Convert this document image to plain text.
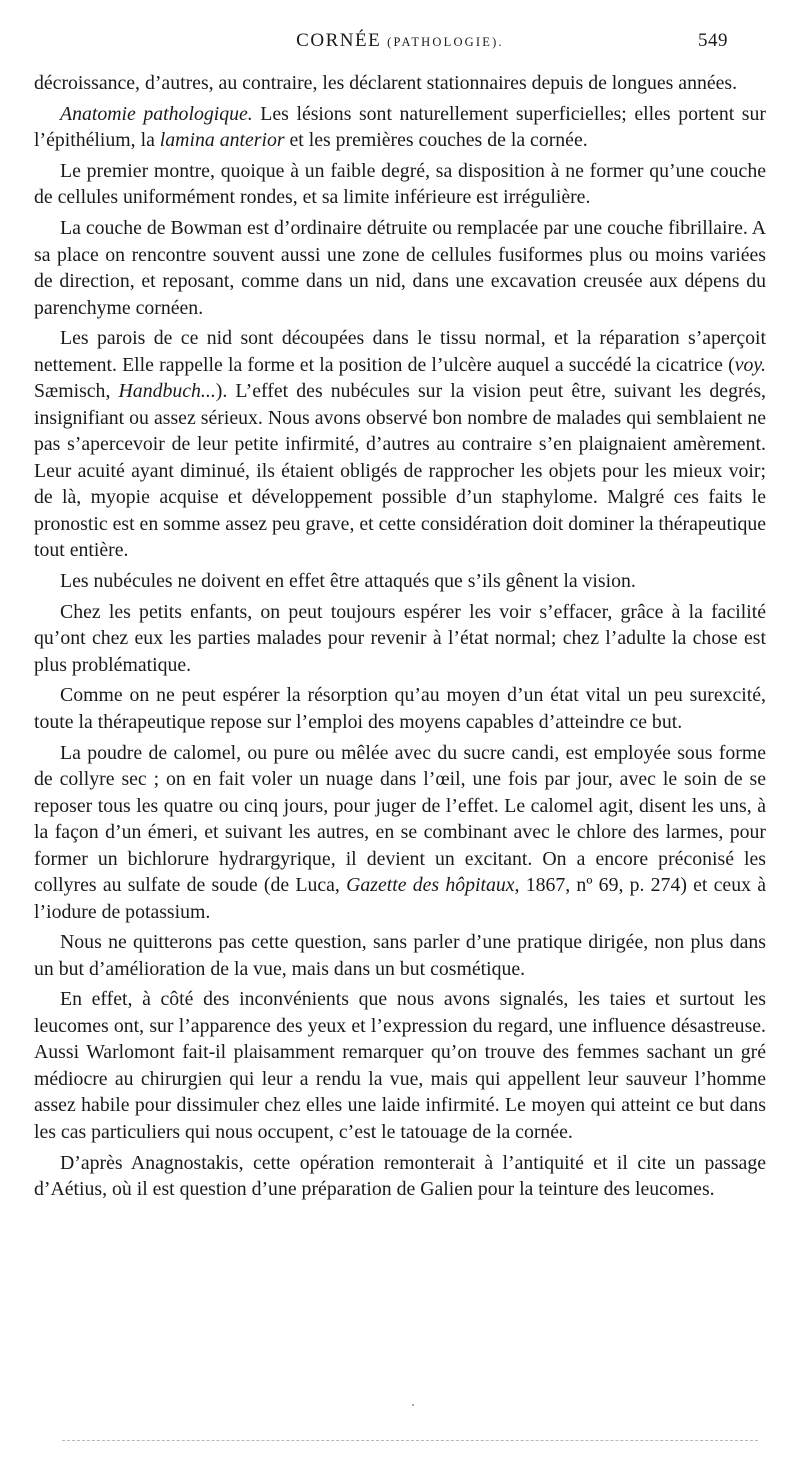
CORNÉE (PATHOLOGIE).	549

décroissance, d’autres, au contraire, les déclarent stationnaires depuis de longues années.

Anatomie pathologique. Les lésions sont naturellement superficielles; elles portent sur l’épithélium, la lamina anterior et les premières couches de la cornée.

Le premier montre, quoique à un faible degré, sa disposition à ne former qu’une couche de cellules uniformément rondes, et sa limite inférieure est irrégulière.

La couche de Bowman est d’ordinaire détruite ou remplacée par une couche fibrillaire. A sa place on rencontre souvent aussi une zone de cellules fusiformes plus ou moins variées de direction, et reposant, comme dans un nid, dans une excavation creusée aux dépens du parenchyme cornéen.

Les parois de ce nid sont découpées dans le tissu normal, et la réparation s’aperçoit nettement. Elle rappelle la forme et la position de l’ulcère auquel a succédé la cicatrice (voy. Sæmisch, Handbuch...). L’effet des nubécules sur la vision peut être, suivant les degrés, insignifiant ou assez sérieux. Nous avons observé bon nombre de malades qui semblaient ne pas s’apercevoir de leur petite infirmité, d’autres au contraire s’en plaignaient amèrement. Leur acuité ayant diminué, ils étaient obligés de rapprocher les objets pour les mieux voir; de là, myopie acquise et développement possible d’un staphylome. Malgré ces faits le pronostic est en somme assez peu grave, et cette considération doit dominer la thérapeutique tout entière.

Les nubécules ne doivent en effet être attaqués que s’ils gênent la vision.

Chez les petits enfants, on peut toujours espérer les voir s’effacer, grâce à la facilité qu’ont chez eux les parties malades pour revenir à l’état normal; chez l’adulte la chose est plus problématique.

Comme on ne peut espérer la résorption qu’au moyen d’un état vital un peu surexcité, toute la thérapeutique repose sur l’emploi des moyens capables d’atteindre ce but.

La poudre de calomel, ou pure ou mêlée avec du sucre candi, est employée sous forme de collyre sec ; on en fait voler un nuage dans l’œil, une fois par jour, avec le soin de se reposer tous les quatre ou cinq jours, pour juger de l’effet. Le calomel agit, disent les uns, à la façon d’un émeri, et suivant les autres, en se combinant avec le chlore des larmes, pour former un bichlorure hydrargyrique, il devient un excitant. On a encore préconisé les collyres au sulfate de soude (de Luca, Gazette des hôpitaux, 1867, nº 69, p. 274) et ceux à l’iodure de potassium.

Nous ne quitterons pas cette question, sans parler d’une pratique dirigée, non plus dans un but d’amélioration de la vue, mais dans un but cosmétique.

En effet, à côté des inconvénients que nous avons signalés, les taies et surtout les leucomes ont, sur l’apparence des yeux et l’expression du regard, une influence désastreuse. Aussi Warlomont fait-il plaisamment remarquer qu’on trouve des femmes sachant un gré médiocre au chirurgien qui leur a rendu la vue, mais qui appellent leur sauveur l’homme assez habile pour dissimuler chez elles une laide infirmité. Le moyen qui atteint ce but dans les cas particuliers qui nous occupent, c’est le tatouage de la cornée.

D’après Anagnostakis, cette opération remonterait à l’antiquité et il cite un passage d’Aétius, où il est question d’une préparation de Galien pour la teinture des leucomes.
